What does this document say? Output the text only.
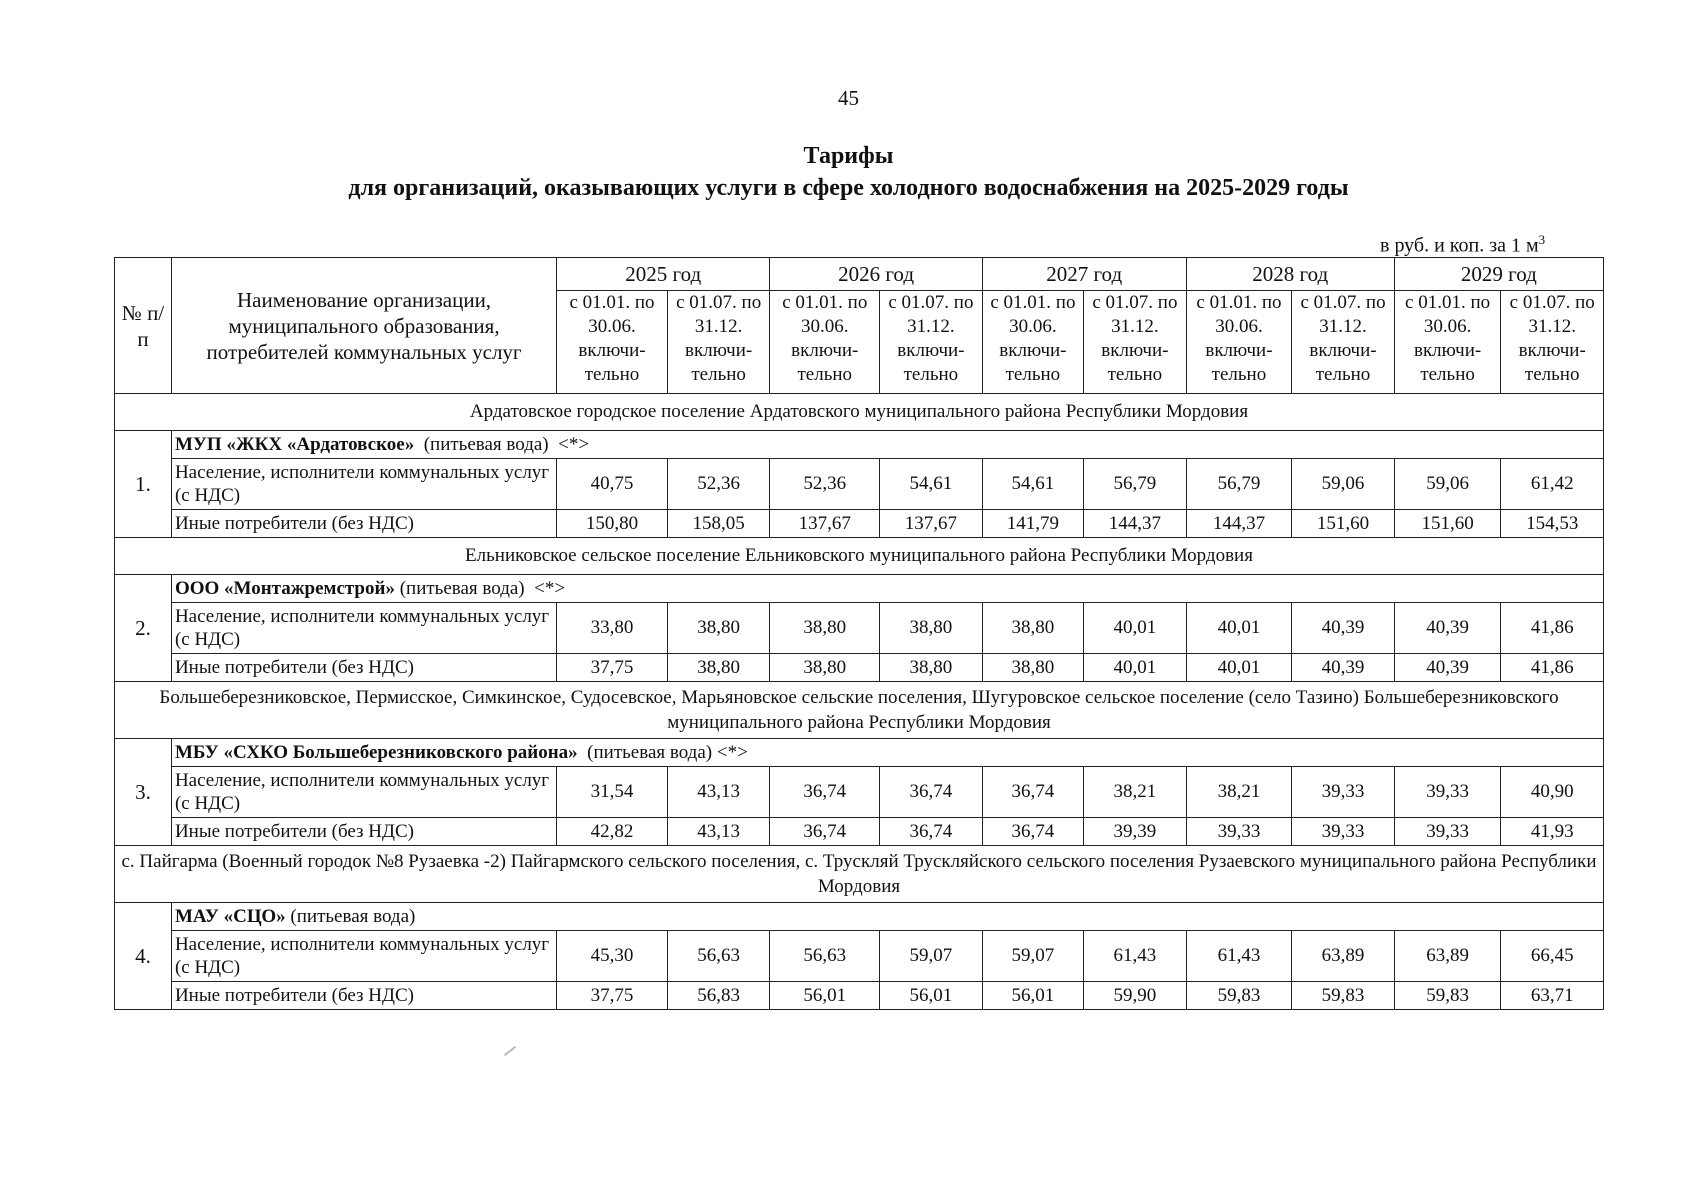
45
Тарифы
для организаций, оказывающих услуги в сфере холодного водоснабжения на 2025-2029 годы
в руб. и коп. за 1 $м^3$
№ п/п	Наименование организации, муниципального образования, потребителей коммунальных услуг	2025 год		2026 год		2027 год		2028 год		2029 год	
		с 01.01. по 30.06. включи-тельно	с 01.07. по 31.12. включи-тельно	с 01.01. по 30.06. включи-тельно	с 01.07. по 31.12. включи-тельно	с 01.01. по 30.06. включи-тельно	с 01.07. по 31.12. включи-тельно	с 01.01. по 30.06. включи-тельно	с 01.07. по 31.12. включи-тельно	с 01.01. по 30.06. включи-тельно	с 01.07. по 31.12. включи-тельно
Ардатовское городское поселение Ардатовского муниципального района Республики Мордовия											
1.	МУП «ЖКХ «Ардатовское»  (питьевая вода)  <*>										
	Население, исполнители коммунальных услуг (с НДС)	40,75	52,36	52,36	54,61	54,61	56,79	56,79	59,06	59,06	61,42
	Иные потребители (без НДС)	150,80	158,05	137,67	137,67	141,79	144,37	144,37	151,60	151,60	154,53
Ельниковское сельское поселение Ельниковского муниципального района Республики Мордовия											
2.	ООО «Монтажремстрой» (питьевая вода)  <*>										
	Население, исполнители коммунальных услуг (с НДС)	33,80	38,80	38,80	38,80	38,80	40,01	40,01	40,39	40,39	41,86
	Иные потребители (без НДС)	37,75	38,80	38,80	38,80	38,80	40,01	40,01	40,39	40,39	41,86
Большеберезниковское, Пермисское, Симкинское, Судосевское, Марьяновское сельские поселения, Шугуровское сельское поселение (село Тазино) Большеберезниковского муниципального района Республики Мордовия											
3.	МБУ «СХКО Большеберезниковского района»  (питьевая вода) <*>										
	Население, исполнители коммунальных услуг (с НДС)	31,54	43,13	36,74	36,74	36,74	38,21	38,21	39,33	39,33	40,90
	Иные потребители (без НДС)	42,82	43,13	36,74	36,74	36,74	39,39	39,33	39,33	39,33	41,93
с. Пайгарма (Военный городок №8 Рузаевка -2) Пайгармского сельского поселения, с. Трускляй Трускляйского сельского поселения Рузаевского муниципального района Республики Мордовия											
4.	МАУ «СЦО» (питьевая вода)										
	Население, исполнители коммунальных услуг (с НДС)	45,30	56,63	56,63	59,07	59,07	61,43	61,43	63,89	63,89	66,45
	Иные потребители (без НДС)	37,75	56,83	56,01	56,01	56,01	59,90	59,83	59,83	59,83	63,71
